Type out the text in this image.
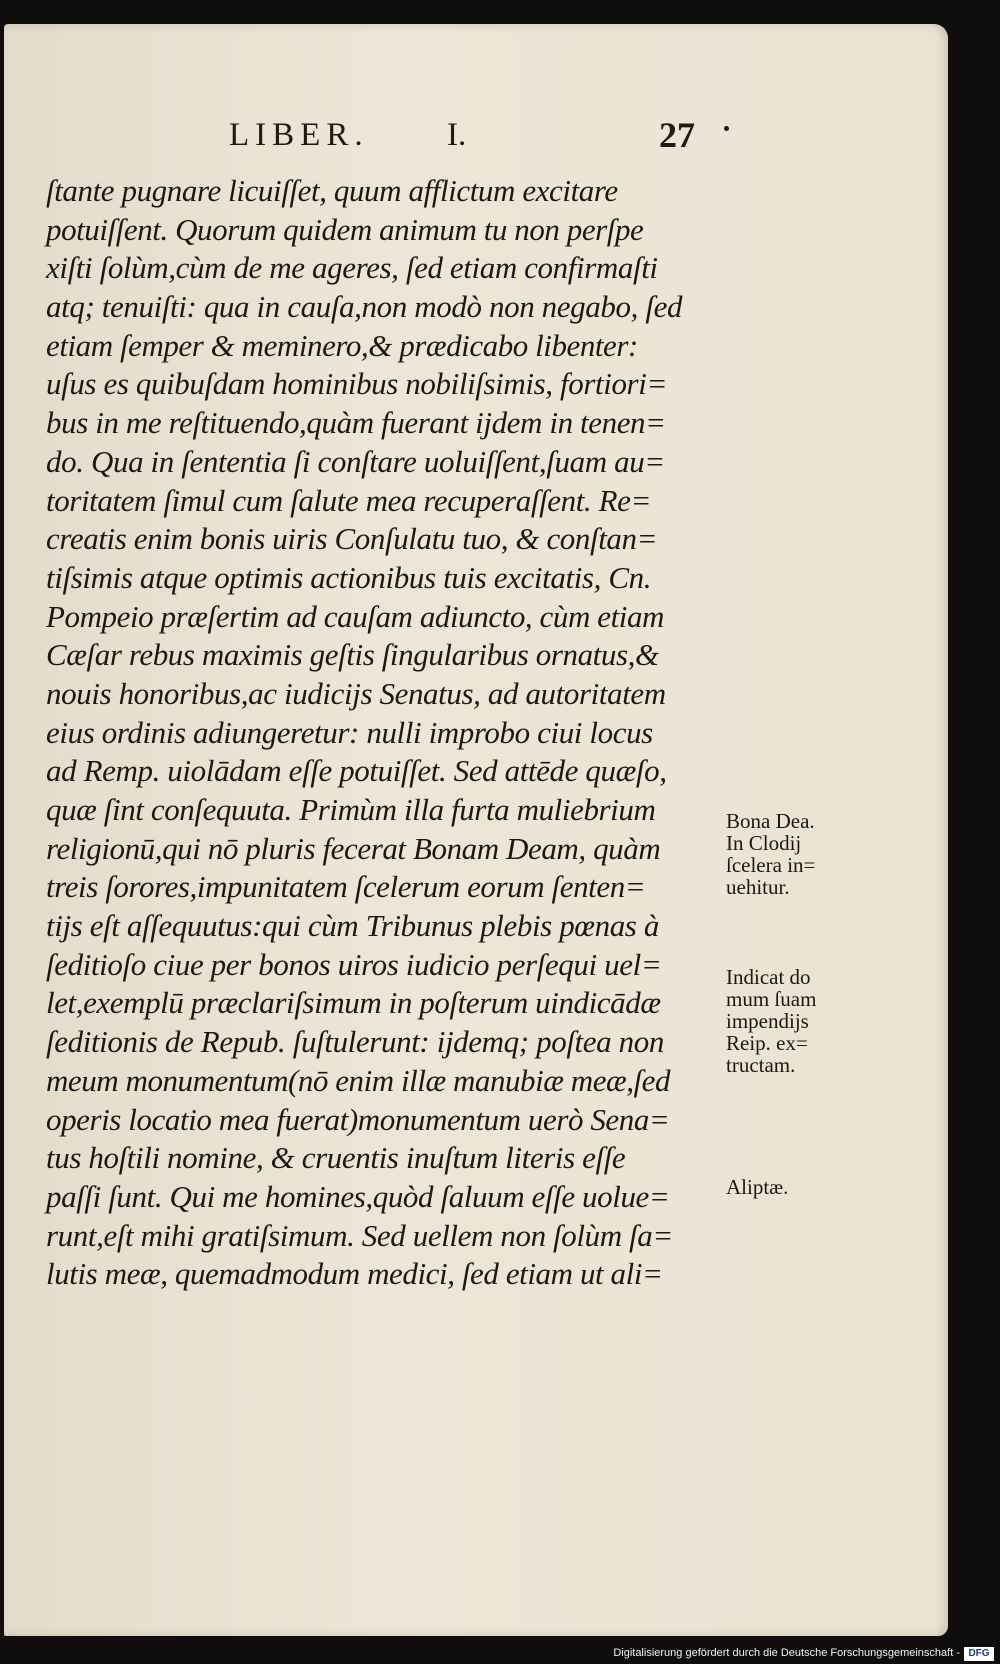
LIBER. I.	27
ſtante pugnare licuiſſet, quum afflictum excitare
potuiſſent. Quorum quidem animum tu non perſpe
xiſti ſolùm,cùm de me ageres, ſed etiam confirmaſti
atq; tenuiſti: qua in cauſa,non modò non negabo, ſed
etiam ſemper & meminero,& prædicabo libenter:
uſus es quibuſdam hominibus nobiliſsimis, fortiori=
bus in me reſtituendo,quàm fuerant ijdem in tenen=
do. Qua in ſententia ſi conſtare uoluiſſent,ſuam au=
toritatem ſimul cum ſalute mea recuperaſſent. Re=
creatis enim bonis uiris Conſulatu tuo, & conſtan=
tiſsimis atque optimis actionibus tuis excitatis, Cn.
Pompeio præſertim ad cauſam adiuncto, cùm etiam
Cæſar rebus maximis geſtis ſingularibus ornatus,&
nouis honoribus,ac iudicijs Senatus, ad autoritatem
eius ordinis adiungeretur: nulli improbo ciui locus
ad Remp. uiolādam eſſe potuiſſet. Sed attēde quæſo,
quæ ſint conſequuta. Primùm illa furta muliebrium
religionū,qui nō pluris fecerat Bonam Deam, quàm
treis ſorores,impunitatem ſcelerum eorum ſenten=
tijs eſt aſſequutus:qui cùm Tribunus plebis pœnas à
ſeditioſo ciue per bonos uiros iudicio perſequi uel=
let,exemplū præclariſsimum in poſterum uindicādæ
ſeditionis de Repub. ſuſtulerunt: ijdemq; poſtea non
meum monumentum(nō enim illæ manubiæ meæ,ſed
operis locatio mea fuerat)monumentum uerò Sena=
tus hoſtili nomine, & cruentis inuſtum literis eſſe
paſſi ſunt. Qui me homines,quòd ſaluum eſſe uolue=
runt,eſt mihi gratiſsimum. Sed uellem non ſolùm ſa=
lutis meæ, quemadmodum medici, ſed etiam ut ali=
Bona Dea.
In Clodij
ſcelera in=
uehitur.
Indicat do
mum ſuam
impendijs
Reip. ex=
tructam.
Aliptæ.
Digitalisierung gefördert durch die Deutsche Forschungsgemeinschaft - DFG
